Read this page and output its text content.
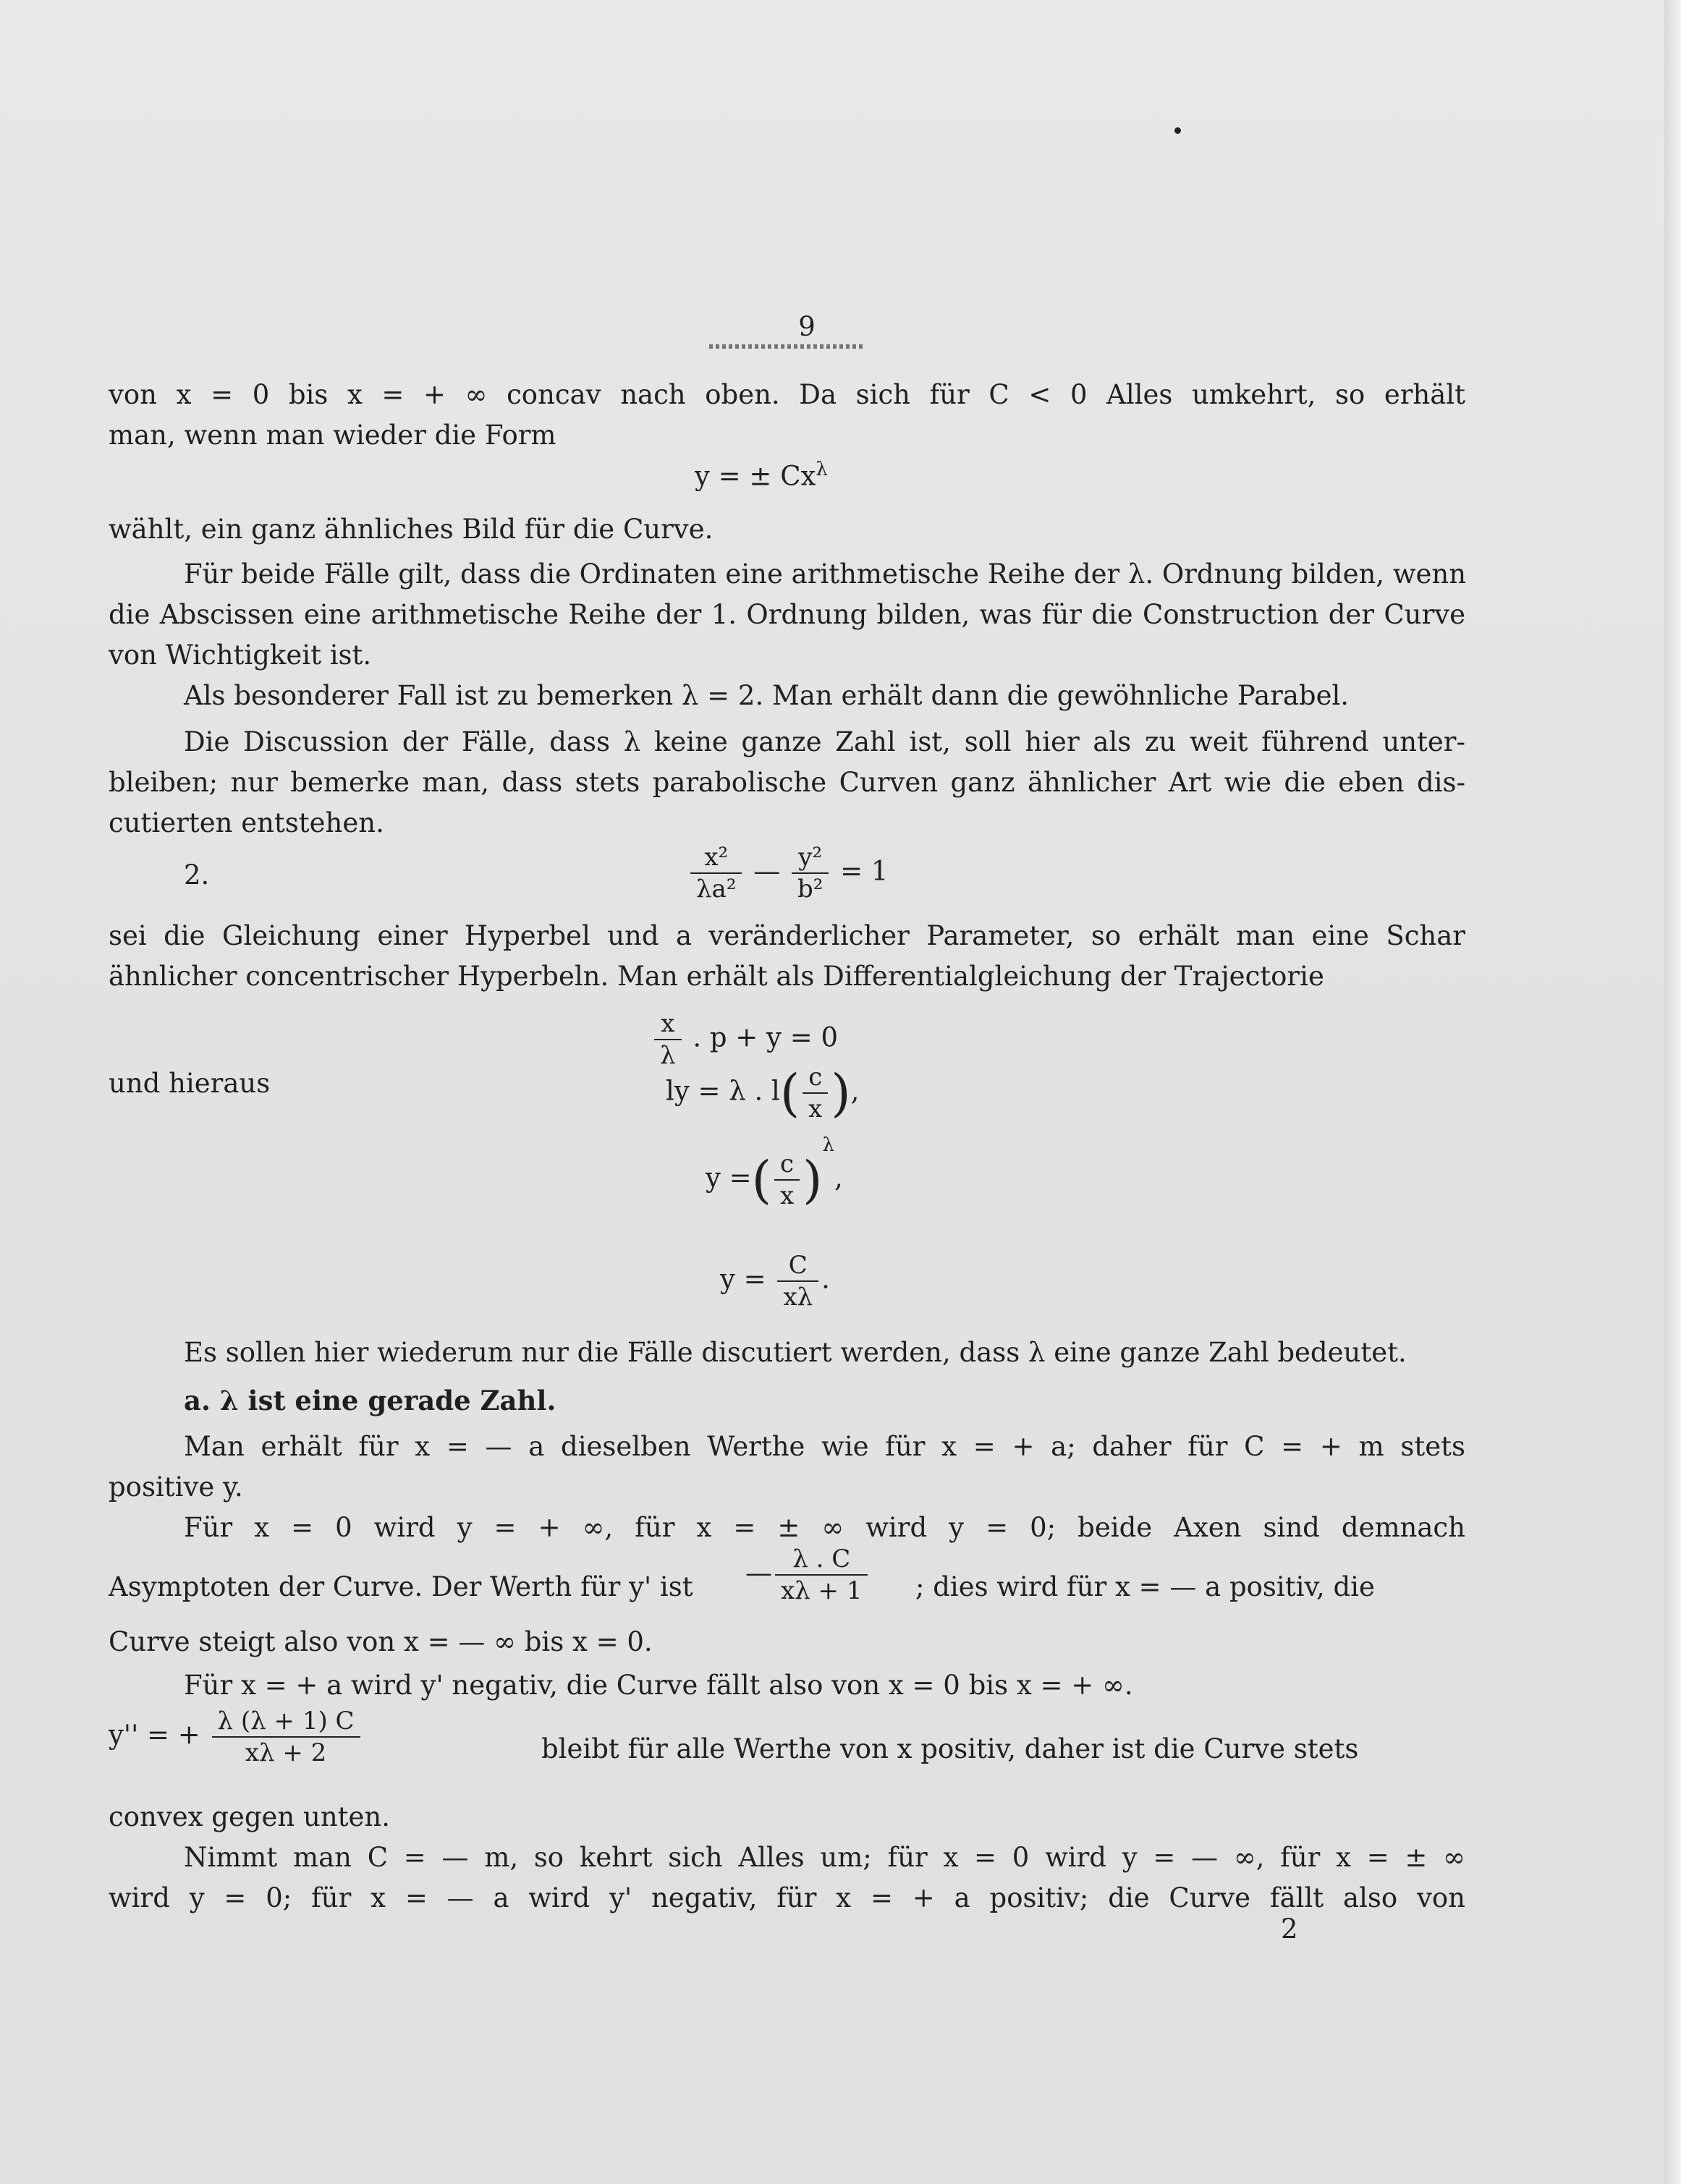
9
von x = 0 bis x = + ∞ concav nach oben. Da sich für C < 0 Alles umkehrt, so erhält
man, wenn man wieder die Form
y = ± $Cx^\lambda$
wählt, ein ganz ähnliches Bild für die Curve.
Für beide Fälle gilt, dass die Ordinaten eine arithmetische Reihe der λ. Ordnung bilden, wenn
die Abscissen eine arithmetische Reihe der 1. Ordnung bilden, was für die Construction der Curve
von Wichtigkeit ist.
Als besonderer Fall ist zu bemerken λ = 2. Man erhält dann die gewöhnliche Parabel.
Die Discussion der Fälle, dass λ keine ganze Zahl ist, soll hier als zu weit führend unter-
bleiben; nur bemerke man, dass stets parabolische Curven ganz ähnlicher Art wie die eben dis-
cutierten entstehen.
2.	$\frac{\text{x²}}{\text{λa²}}$ — $\frac{\text{y²}}{\text{b²}} = 1$
sei die Gleichung einer Hyperbel und a veränderlicher Parameter, so erhält man eine Schar
ähnlicher concentrischer Hyperbeln. Man erhält als Differentialgleichung der Trajectorie
$\frac{x}{\lambda}$ . p + y = 0
und hieraus	ly = λ . $l( \frac{c}{x}$ ),
y =( $\frac{c}{x} )^\lambda$,
$y = \frac{C}{x\lambda}$ .
Es sollen hier wiederum nur die Fälle discutiert werden, dass λ eine ganze Zahl bedeutet.
a. λ ist eine gerade Zahl.
Man erhält für x = — a dieselben Werthe wie für x = + a; daher für C = + m stets
positive y.
Für x = 0 wird y = + ∞, für x = ± ∞ wird y = 0; beide Axen sind demnach
Asymptoten der Curve. Der Werth für y' ist	— $\frac{\lambda . C}{x\lambda + 1}$ ; dies wird für x = — a positiv, die
Curve steigt also von x = — ∞ bis x = 0.
Für x = + a wird y' negativ, die Curve fällt also von x = 0 bis x = + ∞.
y'' = + $\frac{\lambda (\lambda + 1) C}{x\lambda + 2}$	bleibt für alle Werthe von x positiv, daher ist die Curve stets
convex gegen unten.
Nimmt man C = — m, so kehrt sich Alles um; für x = 0 wird y = — ∞, für x = ± ∞
wird y = 0; für x = — a wird y' negativ, für x = + a positiv; die Curve fällt also von
2
